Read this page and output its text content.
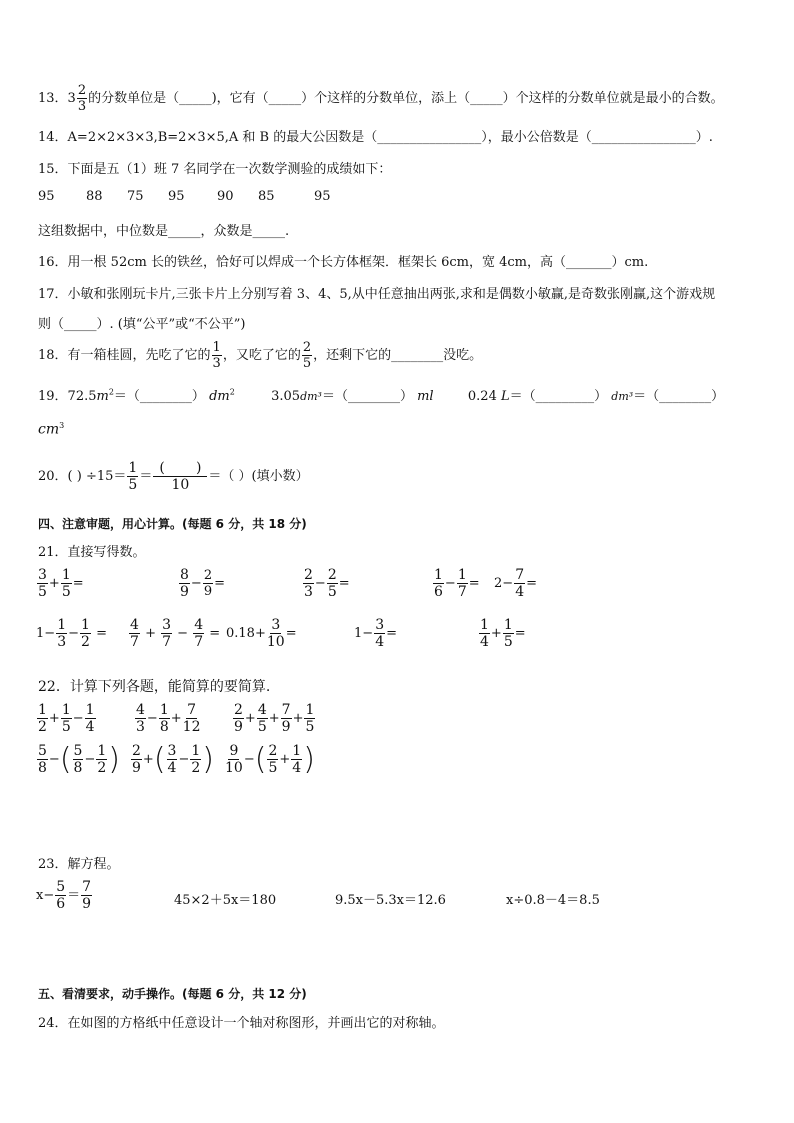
13．$3 \frac{2}{3}$ 的分数单位是（_____)，它有（_____）个这样的分数单位，添上（_____）个这样的分数单位就是最小的合数。
14．A=2×2×3×3,B=2×3×5,A 和 B 的最大公因数是（________________），最小公倍数是（________________）.
15．下面是五（1）班 7 名同学在一次数学测验的成绩如下：
95 88 75 95 90 85	95
这组数据中，中位数是_____，众数是_____.
16．用一根 52cm 长的铁丝，恰好可以焊成一个长方体框架．框架长 6cm，宽 4cm，高（_______）cm.
17．小敏和张刚玩卡片,三张卡片上分别写着 3、4、5,从中任意抽出两张,求和是偶数小敏赢,是奇数张刚赢,这个游戏规
则（_____）. (填“公平”或“不公平”)
18．有一箱桂圆，先吃了它的 $\frac{1}{3}$ ，又吃了它的 $\frac{2}{5}$ ，还剩下它的________没吃。
19．$72.5m^2=(\_\_\_\_\_\_\_\_)$ $dm^2$	3.05dm³＝（________） ml	0.24 L＝（_________） dm³＝（________）
$cm^3$
20．( ) $\div 15= \frac{1}{5} = \frac{( )}{10}$ ＝（ ）(填小数）
四、注意审题，用心计算。(每题 6 分，共 18 分)
21．直接写得数。
$\frac{3}{5} + \frac{1}{5}$ =	$\frac{8}{9} - \frac{2}{9}$ =	$\frac{2}{3} - \frac{2}{5}$ =	$\frac{1}{6} - \frac{1}{7} = 2- \frac{7}{4}$ =
$1- \frac{1}{3} - \frac{1}{2} = \frac{4}{7} + \frac{3}{7} - \frac{4}{7} = 0.18+ \frac{3}{10}$ =	$1- \frac{3}{4}$ =	$\frac{1}{4} + \frac{1}{5}$ =
22．计算下列各题，能简算的要简算.
$\frac{1}{2} + \frac{1}{5} - \frac{1}{4}$	$\frac{4}{3} - \frac{1}{8} + \frac{7}{12} \frac{2}{9} + \frac{4}{5} + \frac{7}{9} + \frac{1}{5}$
$\frac{5}{8}$ −( $\frac{5}{8} - \frac{1}{2}$ ) $\frac{2}{9}$ +( $\frac{3}{4} - \frac{1}{2}$ ) $\frac{9}{10}$ −( $\frac{2}{5} + \frac{1}{4}$ )
23．解方程。
$x- \frac{5}{6} = \frac{7}{9}$	45×2＋5x＝180	9.5x－5.3x＝12.6	x÷0.8－4＝8.5
五、看清要求，动手操作。(每题 6 分，共 12 分)
24．在如图的方格纸中任意设计一个轴对称图形，并画出它的对称轴。
